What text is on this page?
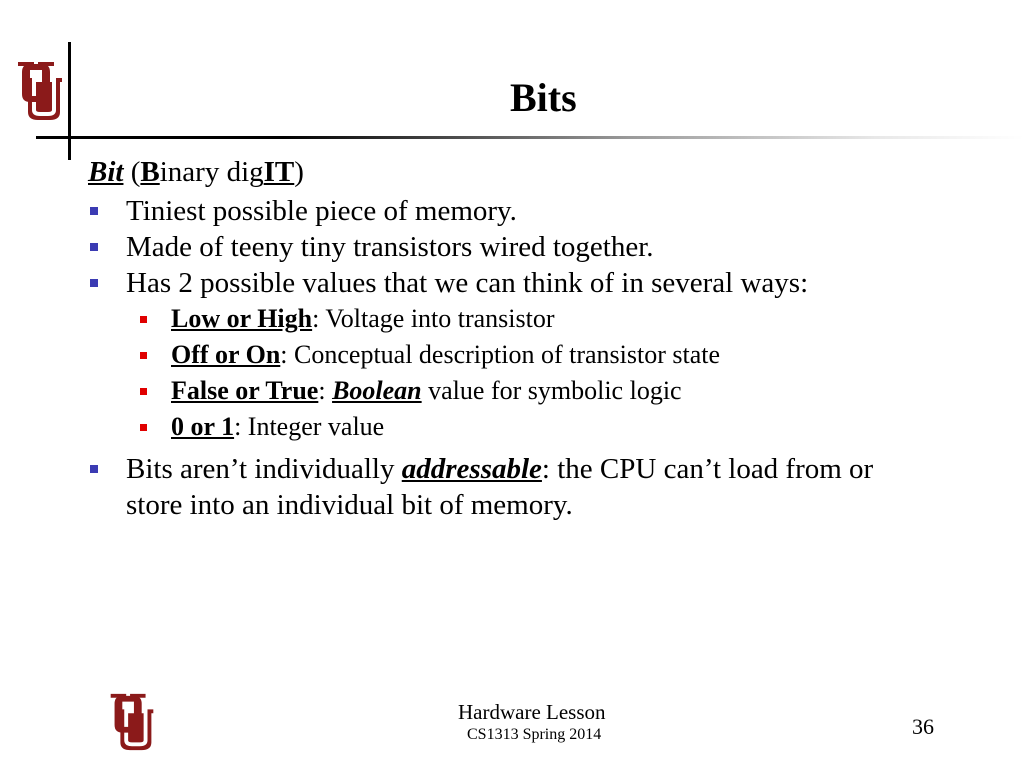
Bits
Bit (Binary digIT)
Tiniest possible piece of memory.
Made of teeny tiny transistors wired together.
Has 2 possible values that we can think of in several ways:
Low or High: Voltage into transistor
Off or On: Conceptual description of transistor state
False or True: Boolean value for symbolic logic
0 or 1: Integer value
Bits aren’t individually addressable: the CPU can’t load from or store into an individual bit of memory.
Hardware Lesson
CS1313 Spring 2014	36
